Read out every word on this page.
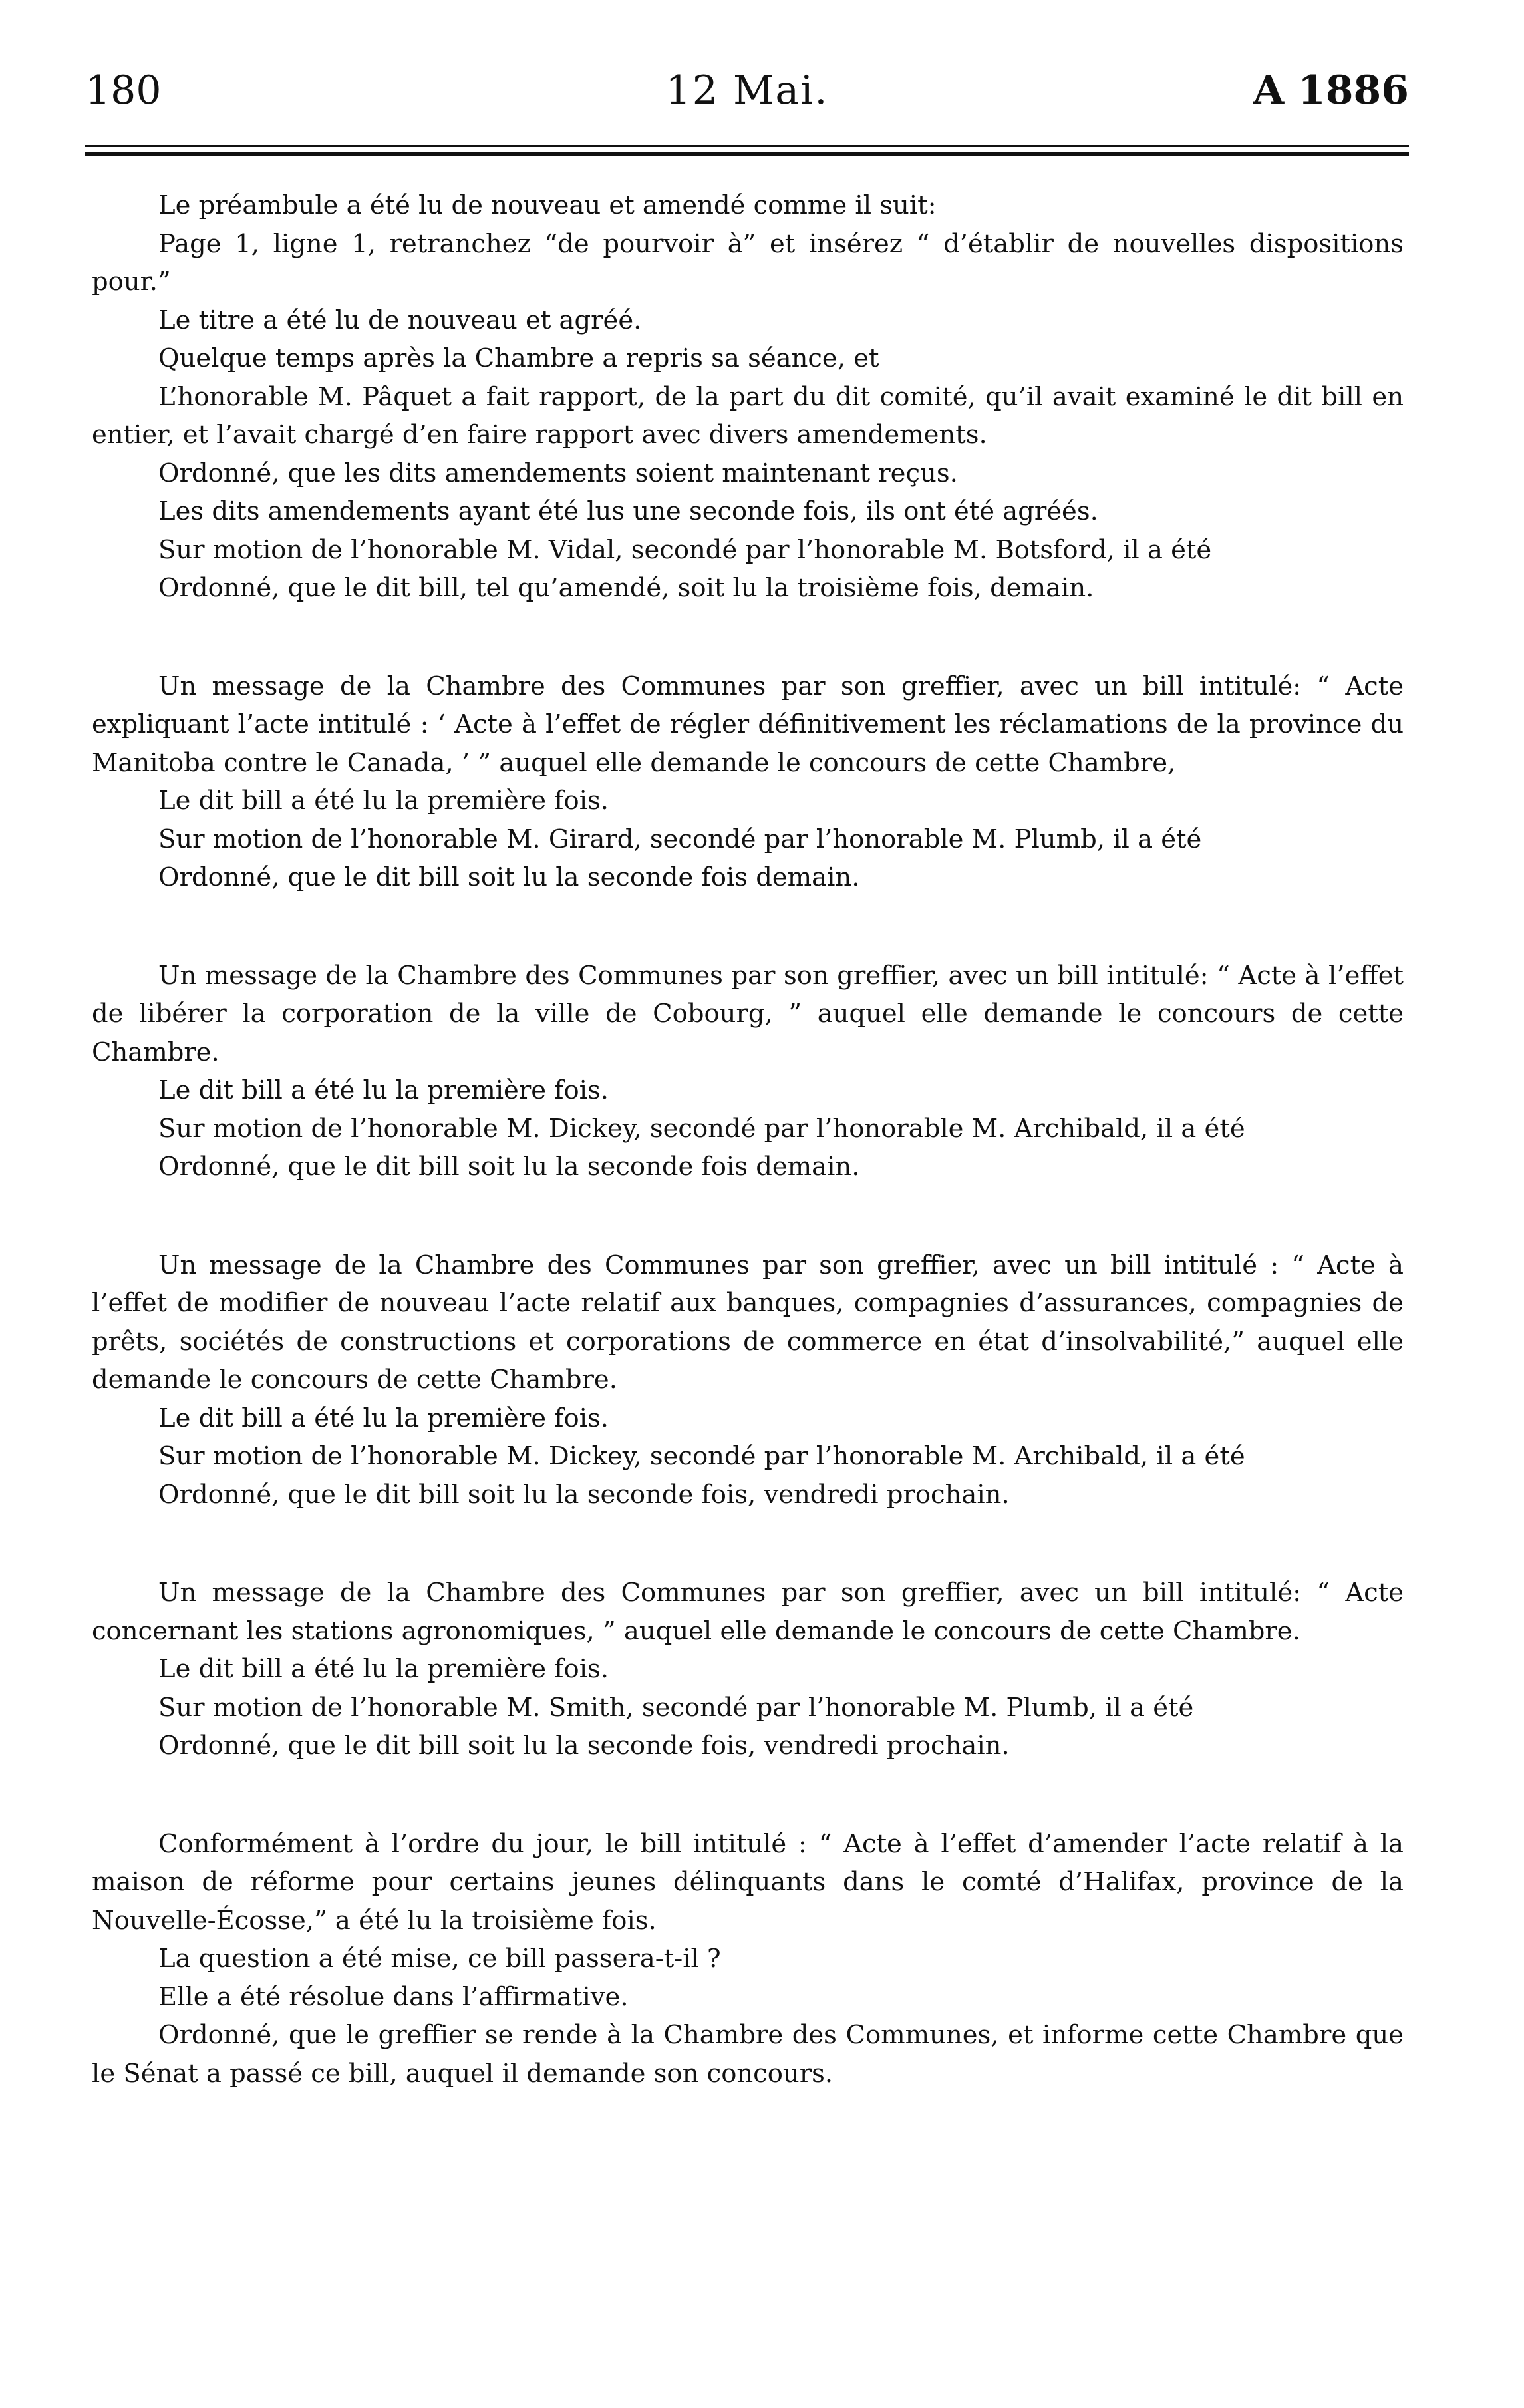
180	12 Mai.	A 1886

Le préambule a été lu de nouveau et amendé comme il suit:

Page 1, ligne 1, retranchez “de pourvoir à” et insérez “ d’établir de nouvelles dispositions pour.”

Le titre a été lu de nouveau et agréé.

Quelque temps après la Chambre a repris sa séance, et

L’honorable M. Pâquet a fait rapport, de la part du dit comité, qu’il avait examiné le dit bill en entier, et l’avait chargé d’en faire rapport avec divers amendements.

Ordonné, que les dits amendements soient maintenant reçus.

Les dits amendements ayant été lus une seconde fois, ils ont été agréés.

Sur motion de l’honorable M. Vidal, secondé par l’honorable M. Botsford, il a été

Ordonné, que le dit bill, tel qu’amendé, soit lu la troisième fois, demain.

Un message de la Chambre des Communes par son greffier, avec un bill intitulé: “ Acte expliquant l’acte intitulé : ‘ Acte à l’effet de régler définitivement les réclamations de la province du Manitoba contre le Canada, ’ ” auquel elle demande le concours de cette Chambre,

Le dit bill a été lu la première fois.

Sur motion de l’honorable M. Girard, secondé par l’honorable M. Plumb, il a été

Ordonné, que le dit bill soit lu la seconde fois demain.

Un message de la Chambre des Communes par son greffier, avec un bill intitulé: “ Acte à l’effet de libérer la corporation de la ville de Cobourg, ” auquel elle demande le concours de cette Chambre.

Le dit bill a été lu la première fois.

Sur motion de l’honorable M. Dickey, secondé par l’honorable M. Archibald, il a été

Ordonné, que le dit bill soit lu la seconde fois demain.

Un message de la Chambre des Communes par son greffier, avec un bill intitulé : “ Acte à l’effet de modifier de nouveau l’acte relatif aux banques, compagnies d’assurances, compagnies de prêts, sociétés de constructions et corporations de commerce en état d’insolvabilité,” auquel elle demande le concours de cette Chambre.

Le dit bill a été lu la première fois.

Sur motion de l’honorable M. Dickey, secondé par l’honorable M. Archibald, il a été

Ordonné, que le dit bill soit lu la seconde fois, vendredi prochain.

Un message de la Chambre des Communes par son greffier, avec un bill intitulé: “ Acte concernant les stations agronomiques, ” auquel elle demande le concours de cette Chambre.

Le dit bill a été lu la première fois.

Sur motion de l’honorable M. Smith, secondé par l’honorable M. Plumb, il a été

Ordonné, que le dit bill soit lu la seconde fois, vendredi prochain.

Conformément à l’ordre du jour, le bill intitulé : “ Acte à l’effet d’amender l’acte relatif à la maison de réforme pour certains jeunes délinquants dans le comté d’Halifax, province de la Nouvelle-Écosse,” a été lu la troisième fois.

La question a été mise, ce bill passera-t-il ?

Elle a été résolue dans l’affirmative.

Ordonné, que le greffier se rende à la Chambre des Communes, et informe cette Chambre que le Sénat a passé ce bill, auquel il demande son concours.
